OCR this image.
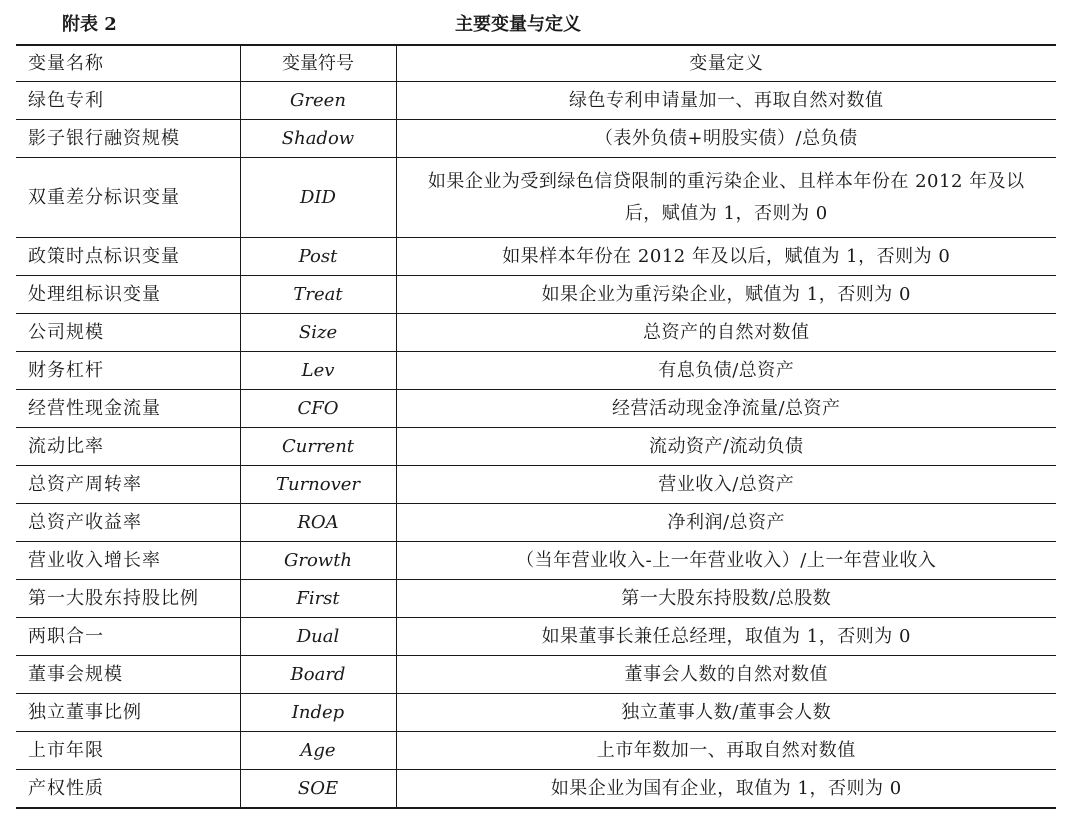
附表 2	主要变量与定义
变量名称	变量符号	变量定义
绿色专利	Green	绿色专利申请量加一、再取自然对数值
影子银行融资规模	Shadow	（表外负债+明股实债）/总负债
双重差分标识变量	DID	如果企业为受到绿色信贷限制的重污染企业、且样本年份在 2012 年及以后，赋值为 1，否则为 0
政策时点标识变量	Post	如果样本年份在 2012 年及以后，赋值为 1，否则为 0
处理组标识变量	Treat	如果企业为重污染企业，赋值为 1，否则为 0
公司规模	Size	总资产的自然对数值
财务杠杆	Lev	有息负债/总资产
经营性现金流量	CFO	经营活动现金净流量/总资产
流动比率	Current	流动资产/流动负债
总资产周转率	Turnover	营业收入/总资产
总资产收益率	ROA	净利润/总资产
营业收入增长率	Growth	（当年营业收入-上一年营业收入）/上一年营业收入
第一大股东持股比例	First	第一大股东持股数/总股数
两职合一	Dual	如果董事长兼任总经理，取值为 1，否则为 0
董事会规模	Board	董事会人数的自然对数值
独立董事比例	Indep	独立董事人数/董事会人数
上市年限	Age	上市年数加一、再取自然对数值
产权性质	SOE	如果企业为国有企业，取值为 1，否则为 0
